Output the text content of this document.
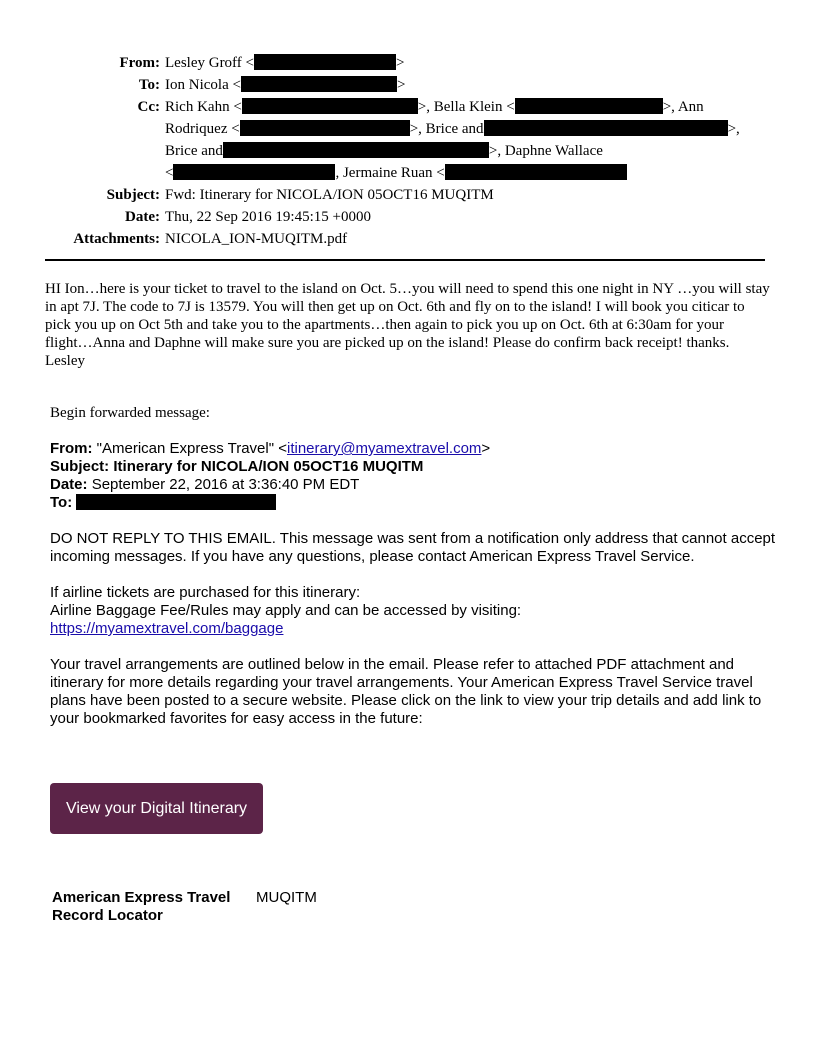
From: Lesley Groff <	>
To: Ion Nicola <	>
Cc: Rich Kahn <	>, Bella Klein <	>, Ann
Rodriquez <	>, Brice and	>,
Brice and	>, Daphne Wallace
<	, Jermaine Ruan <
Subject: Fwd: Itinerary for NICOLA/ION 05OCT16 MUQITM
Date: Thu, 22 Sep 2016 19:45:15 +0000
Attachments: NICOLA_ION-MUQITM.pdf
HI Ion…here is your ticket to travel to the island on Oct. 5…you will need to spend this one night in NY …you will stay in apt 7J. The code to 7J is 13579. You will then get up on Oct. 6th and fly on to the island! I will book you citicar to pick you up on Oct 5th and take you to the apartments…then again to pick you up on Oct. 6th at 6:30am for your flight…Anna and Daphne will make sure you are picked up on the island! Please do confirm back receipt! thanks. Lesley
Begin forwarded message:
From: "American Express Travel" <itinerary@myamextravel.com>
Subject: Itinerary for NICOLA/ION 05OCT16 MUQITM
Date: September 22, 2016 at 3:36:40 PM EDT
To:
DO NOT REPLY TO THIS EMAIL. This message was sent from a notification only address that cannot accept incoming messages. If you have any questions, please contact American Express Travel Service.
If airline tickets are purchased for this itinerary:
Airline Baggage Fee/Rules may apply and can be accessed by visiting:
https://myamextravel.com/baggage
Your travel arrangements are outlined below in the email. Please refer to attached PDF attachment and itinerary for more details regarding your travel arrangements. Your American Express Travel Service travel plans have been posted to a secure website. Please click on the link to view your trip details and add link to your bookmarked favorites for easy access in the future:
View your Digital Itinerary
American Express Travel	MUQITM
Record Locator
